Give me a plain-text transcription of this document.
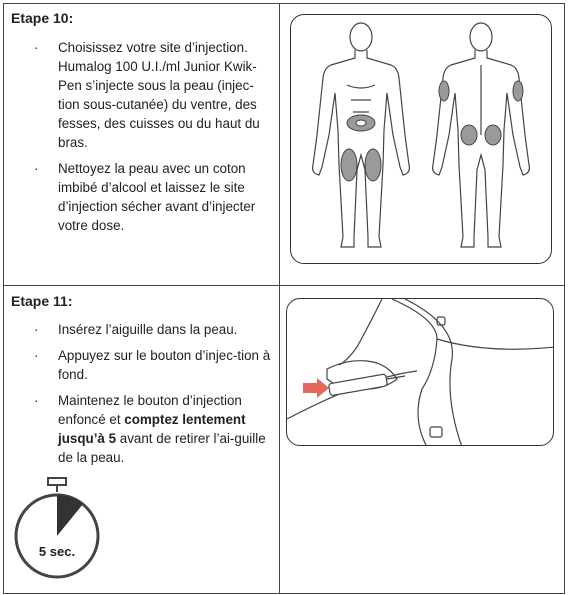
Etape 10:
· Choisissez votre site d’injection. Humalog 100 U.I./ml Junior Kwik-Pen s’injecte sous la peau (injec-tion sous-cutanée) du ventre, des fesses, des cuisses ou du haut du bras.
· Nettoyez la peau avec un coton imbibé d’alcool et laissez le site d’injection sécher avant d’injecter votre dose.
Etape 11:
· Insérez l’aiguille dans la peau.
· Appuyez sur le bouton d’injec-tion à fond.
· Maintenez le bouton d’injection enfoncé et comptez lentement jusqu’à 5 avant de retirer l’ai-guille de la peau.
5 sec.
